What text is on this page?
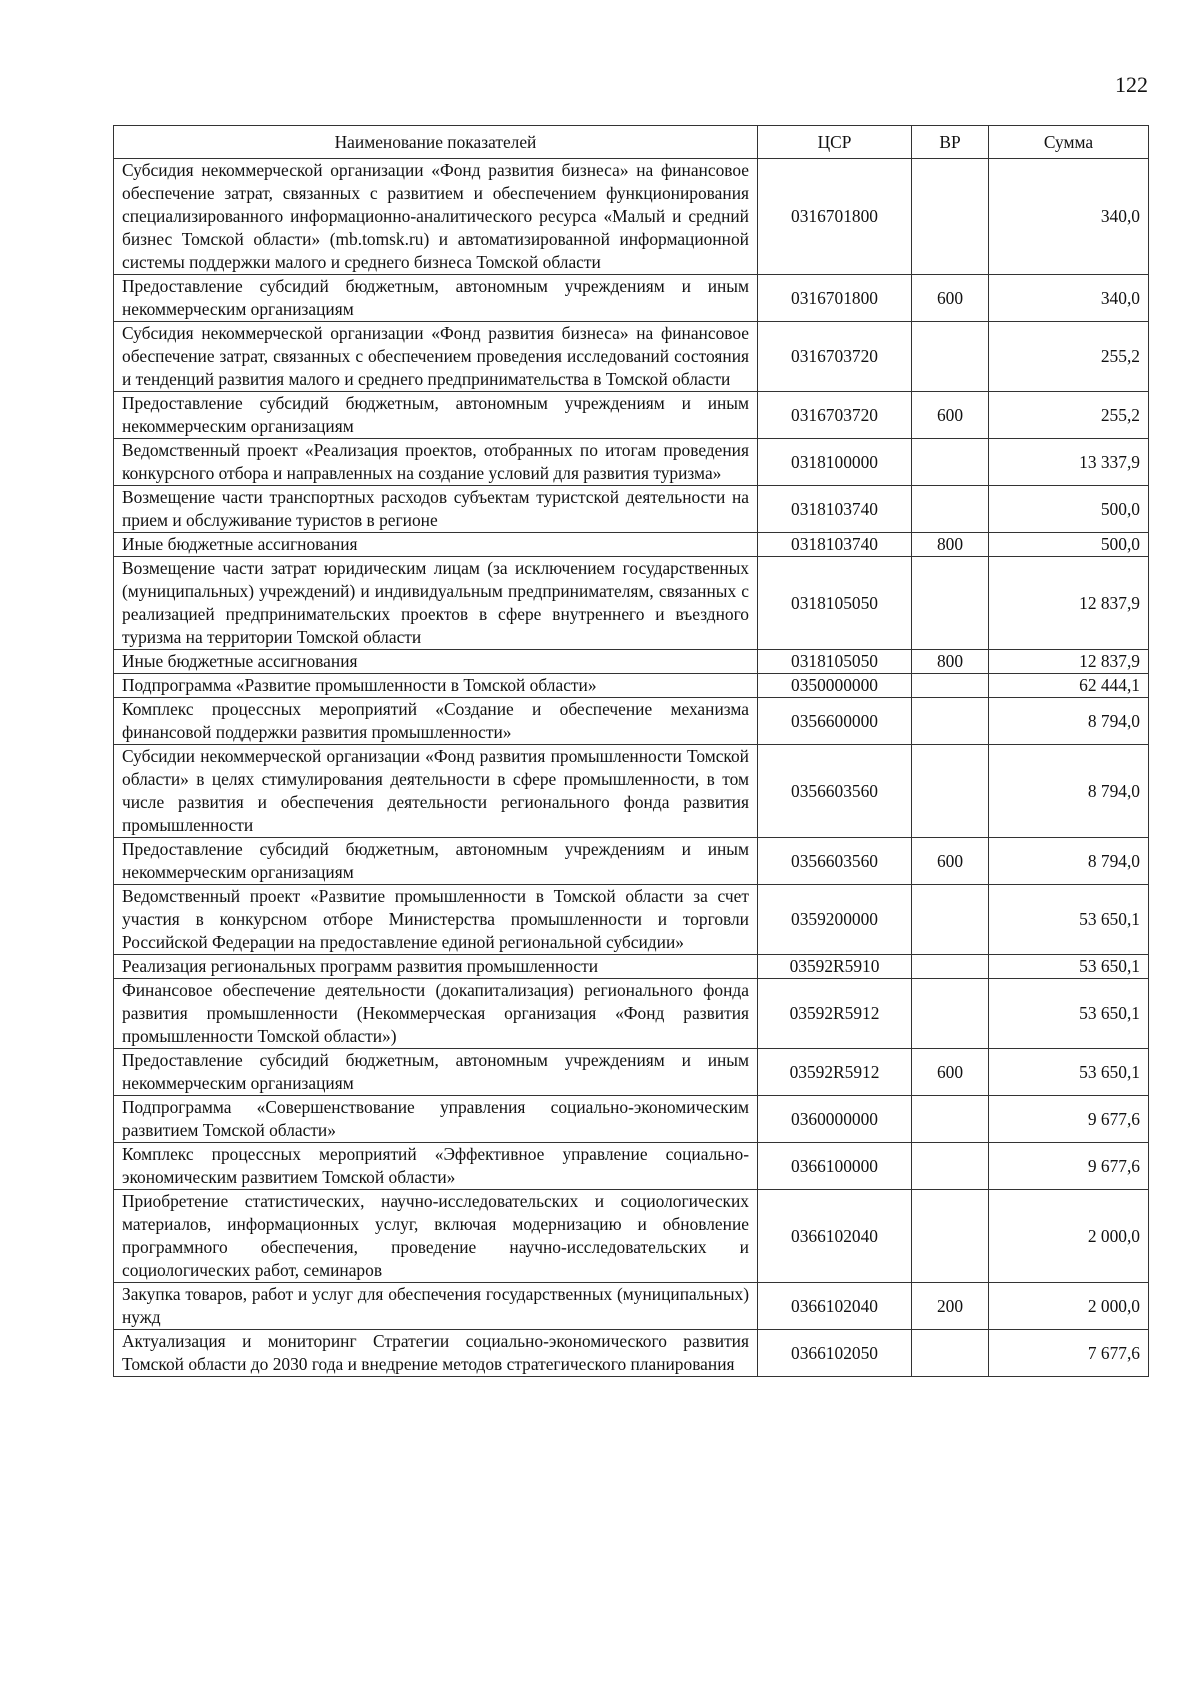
122
Наименование показателей	ЦСР	ВР	Сумма
Субсидия некоммерческой организации «Фонд развития бизнеса» на финансовое обеспечение затрат, связанных с развитием и обеспечением функционирования специализированного информационно-аналитического ресурса «Малый и средний бизнес Томской области» (mb.tomsk.ru) и автоматизированной информационной системы поддержки малого и среднего бизнеса Томской области	0316701800		340,0
Предоставление субсидий бюджетным, автономным учреждениям и иным некоммерческим организациям	0316701800	600	340,0
Субсидия некоммерческой организации «Фонд развития бизнеса» на финансовое обеспечение затрат, связанных с обеспечением проведения исследований состояния и тенденций развития малого и среднего предпринимательства в Томской области	0316703720		255,2
Предоставление субсидий бюджетным, автономным учреждениям и иным некоммерческим организациям	0316703720	600	255,2
Ведомственный проект «Реализация проектов, отобранных по итогам проведения конкурсного отбора и направленных на создание условий для развития туризма»	0318100000		13 337,9
Возмещение части транспортных расходов субъектам туристской деятельности на прием и обслуживание туристов в регионе	0318103740		500,0
Иные бюджетные ассигнования	0318103740	800	500,0
Возмещение части затрат юридическим лицам (за исключением государственных (муниципальных) учреждений) и индивидуальным предпринимателям, связанных с реализацией предпринимательских проектов в сфере внутреннего и въездного туризма на территории Томской области	0318105050		12 837,9
Иные бюджетные ассигнования	0318105050	800	12 837,9
Подпрограмма «Развитие промышленности в Томской области»	0350000000		62 444,1
Комплекс процессных мероприятий «Создание и обеспечение механизма финансовой поддержки развития промышленности»	0356600000		8 794,0
Субсидии некоммерческой организации «Фонд развития промышленности Томской области» в целях стимулирования деятельности в сфере промышленности, в том числе развития и обеспечения деятельности регионального фонда развития промышленности	0356603560		8 794,0
Предоставление субсидий бюджетным, автономным учреждениям и иным некоммерческим организациям	0356603560	600	8 794,0
Ведомственный проект «Развитие промышленности в Томской области за счет участия в конкурсном отборе Министерства промышленности и торговли Российской Федерации на предоставление единой региональной субсидии»	0359200000		53 650,1
Реализация региональных программ развития промышленности	03592R5910		53 650,1
Финансовое обеспечение деятельности (докапитализация) регионального фонда развития промышленности (Некоммерческая организация «Фонд развития промышленности Томской области»)	03592R5912		53 650,1
Предоставление субсидий бюджетным, автономным учреждениям и иным некоммерческим организациям	03592R5912	600	53 650,1
Подпрограмма «Совершенствование управления социально-экономическим развитием Томской области»	0360000000		9 677,6
Комплекс процессных мероприятий «Эффективное управление социально-экономическим развитием Томской области»	0366100000		9 677,6
Приобретение статистических, научно-исследовательских и социологических материалов, информационных услуг, включая модернизацию и обновление программного обеспечения, проведение научно-исследовательских и социологических работ, семинаров	0366102040		2 000,0
Закупка товаров, работ и услуг для обеспечения государственных (муниципальных) нужд	0366102040	200	2 000,0
Актуализация и мониторинг Стратегии социально-экономического развития Томской области до 2030 года и внедрение методов стратегического планирования	0366102050		7 677,6
